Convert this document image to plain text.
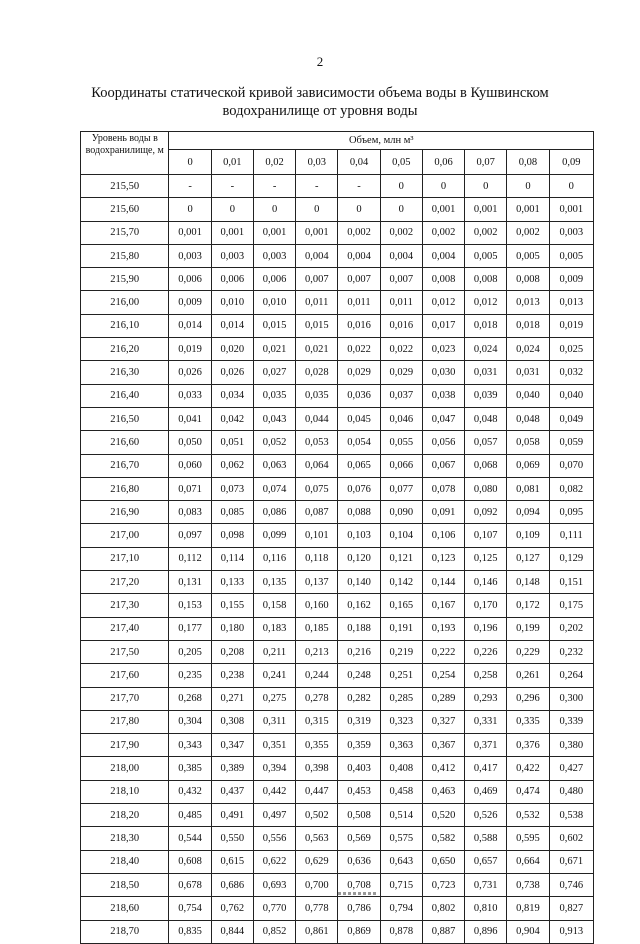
2
Координаты статической кривой зависимости объема воды в Кушвинском
водохранилище от уровня воды
Уровень воды в водохранилище, м	Объем, млн м³									
	0	0,01	0,02	0,03	0,04	0,05	0,06	0,07	0,08	0,09
215,50	-	-	-	-	-	0	0	0	0	0
215,60	0	0	0	0	0	0	0,001	0,001	0,001	0,001
215,70	0,001	0,001	0,001	0,001	0,002	0,002	0,002	0,002	0,002	0,003
215,80	0,003	0,003	0,003	0,004	0,004	0,004	0,004	0,005	0,005	0,005
215,90	0,006	0,006	0,006	0,007	0,007	0,007	0,008	0,008	0,008	0,009
216,00	0,009	0,010	0,010	0,011	0,011	0,011	0,012	0,012	0,013	0,013
216,10	0,014	0,014	0,015	0,015	0,016	0,016	0,017	0,018	0,018	0,019
216,20	0,019	0,020	0,021	0,021	0,022	0,022	0,023	0,024	0,024	0,025
216,30	0,026	0,026	0,027	0,028	0,029	0,029	0,030	0,031	0,031	0,032
216,40	0,033	0,034	0,035	0,035	0,036	0,037	0,038	0,039	0,040	0,040
216,50	0,041	0,042	0,043	0,044	0,045	0,046	0,047	0,048	0,048	0,049
216,60	0,050	0,051	0,052	0,053	0,054	0,055	0,056	0,057	0,058	0,059
216,70	0,060	0,062	0,063	0,064	0,065	0,066	0,067	0,068	0,069	0,070
216,80	0,071	0,073	0,074	0,075	0,076	0,077	0,078	0,080	0,081	0,082
216,90	0,083	0,085	0,086	0,087	0,088	0,090	0,091	0,092	0,094	0,095
217,00	0,097	0,098	0,099	0,101	0,103	0,104	0,106	0,107	0,109	0,111
217,10	0,112	0,114	0,116	0,118	0,120	0,121	0,123	0,125	0,127	0,129
217,20	0,131	0,133	0,135	0,137	0,140	0,142	0,144	0,146	0,148	0,151
217,30	0,153	0,155	0,158	0,160	0,162	0,165	0,167	0,170	0,172	0,175
217,40	0,177	0,180	0,183	0,185	0,188	0,191	0,193	0,196	0,199	0,202
217,50	0,205	0,208	0,211	0,213	0,216	0,219	0,222	0,226	0,229	0,232
217,60	0,235	0,238	0,241	0,244	0,248	0,251	0,254	0,258	0,261	0,264
217,70	0,268	0,271	0,275	0,278	0,282	0,285	0,289	0,293	0,296	0,300
217,80	0,304	0,308	0,311	0,315	0,319	0,323	0,327	0,331	0,335	0,339
217,90	0,343	0,347	0,351	0,355	0,359	0,363	0,367	0,371	0,376	0,380
218,00	0,385	0,389	0,394	0,398	0,403	0,408	0,412	0,417	0,422	0,427
218,10	0,432	0,437	0,442	0,447	0,453	0,458	0,463	0,469	0,474	0,480
218,20	0,485	0,491	0,497	0,502	0,508	0,514	0,520	0,526	0,532	0,538
218,30	0,544	0,550	0,556	0,563	0,569	0,575	0,582	0,588	0,595	0,602
218,40	0,608	0,615	0,622	0,629	0,636	0,643	0,650	0,657	0,664	0,671
218,50	0,678	0,686	0,693	0,700	0,708	0,715	0,723	0,731	0,738	0,746
218,60	0,754	0,762	0,770	0,778	0,786	0,794	0,802	0,810	0,819	0,827
218,70	0,835	0,844	0,852	0,861	0,869	0,878	0,887	0,896	0,904	0,913
